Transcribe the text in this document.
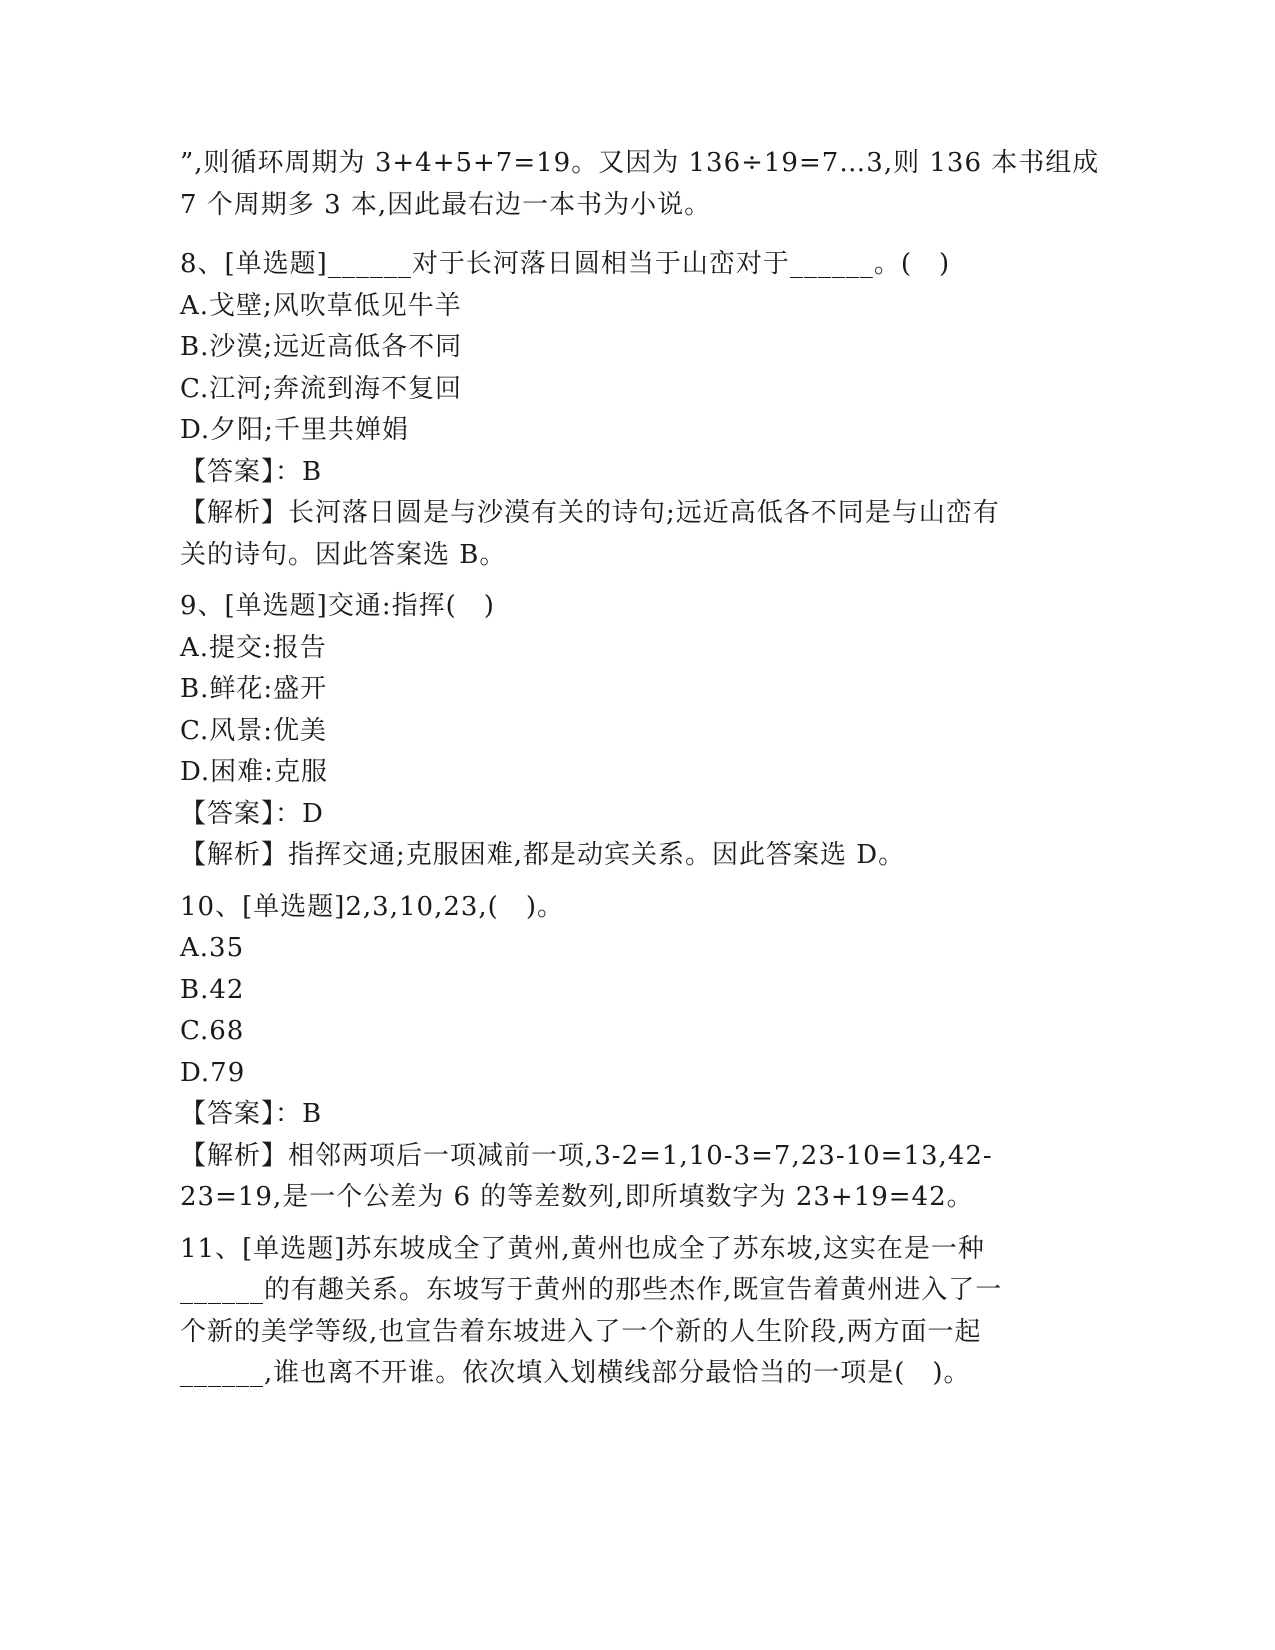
”,则循环周期为 3+4+5+7=19。又因为 136÷19=7…3,则 136 本书组成
7 个周期多 3 本,因此最右边一本书为小说。
8、[单选题]______对于长河落日圆相当于山峦对于______。(　)
A.戈壁;风吹草低见牛羊
B.沙漠;远近高低各不同
C.江河;奔流到海不复回
D.夕阳;千里共婵娟
【答案】：B
【解析】长河落日圆是与沙漠有关的诗句;远近高低各不同是与山峦有
关的诗句。因此答案选 B。
9、[单选题]交通:指挥(　)
A.提交:报告
B.鲜花:盛开
C.风景:优美
D.困难:克服
【答案】：D
【解析】指挥交通;克服困难,都是动宾关系。因此答案选 D。
10、[单选题]2,3,10,23,(　)。
A.35
B.42
C.68
D.79
【答案】：B
【解析】相邻两项后一项减前一项,3-2=1,10-3=7,23-10=13,42-
23=19,是一个公差为 6 的等差数列,即所填数字为 23+19=42。
11、[单选题]苏东坡成全了黄州,黄州也成全了苏东坡,这实在是一种
______的有趣关系。东坡写于黄州的那些杰作,既宣告着黄州进入了一
个新的美学等级,也宣告着东坡进入了一个新的人生阶段,两方面一起
______,谁也离不开谁。依次填入划横线部分最恰当的一项是(　)。
